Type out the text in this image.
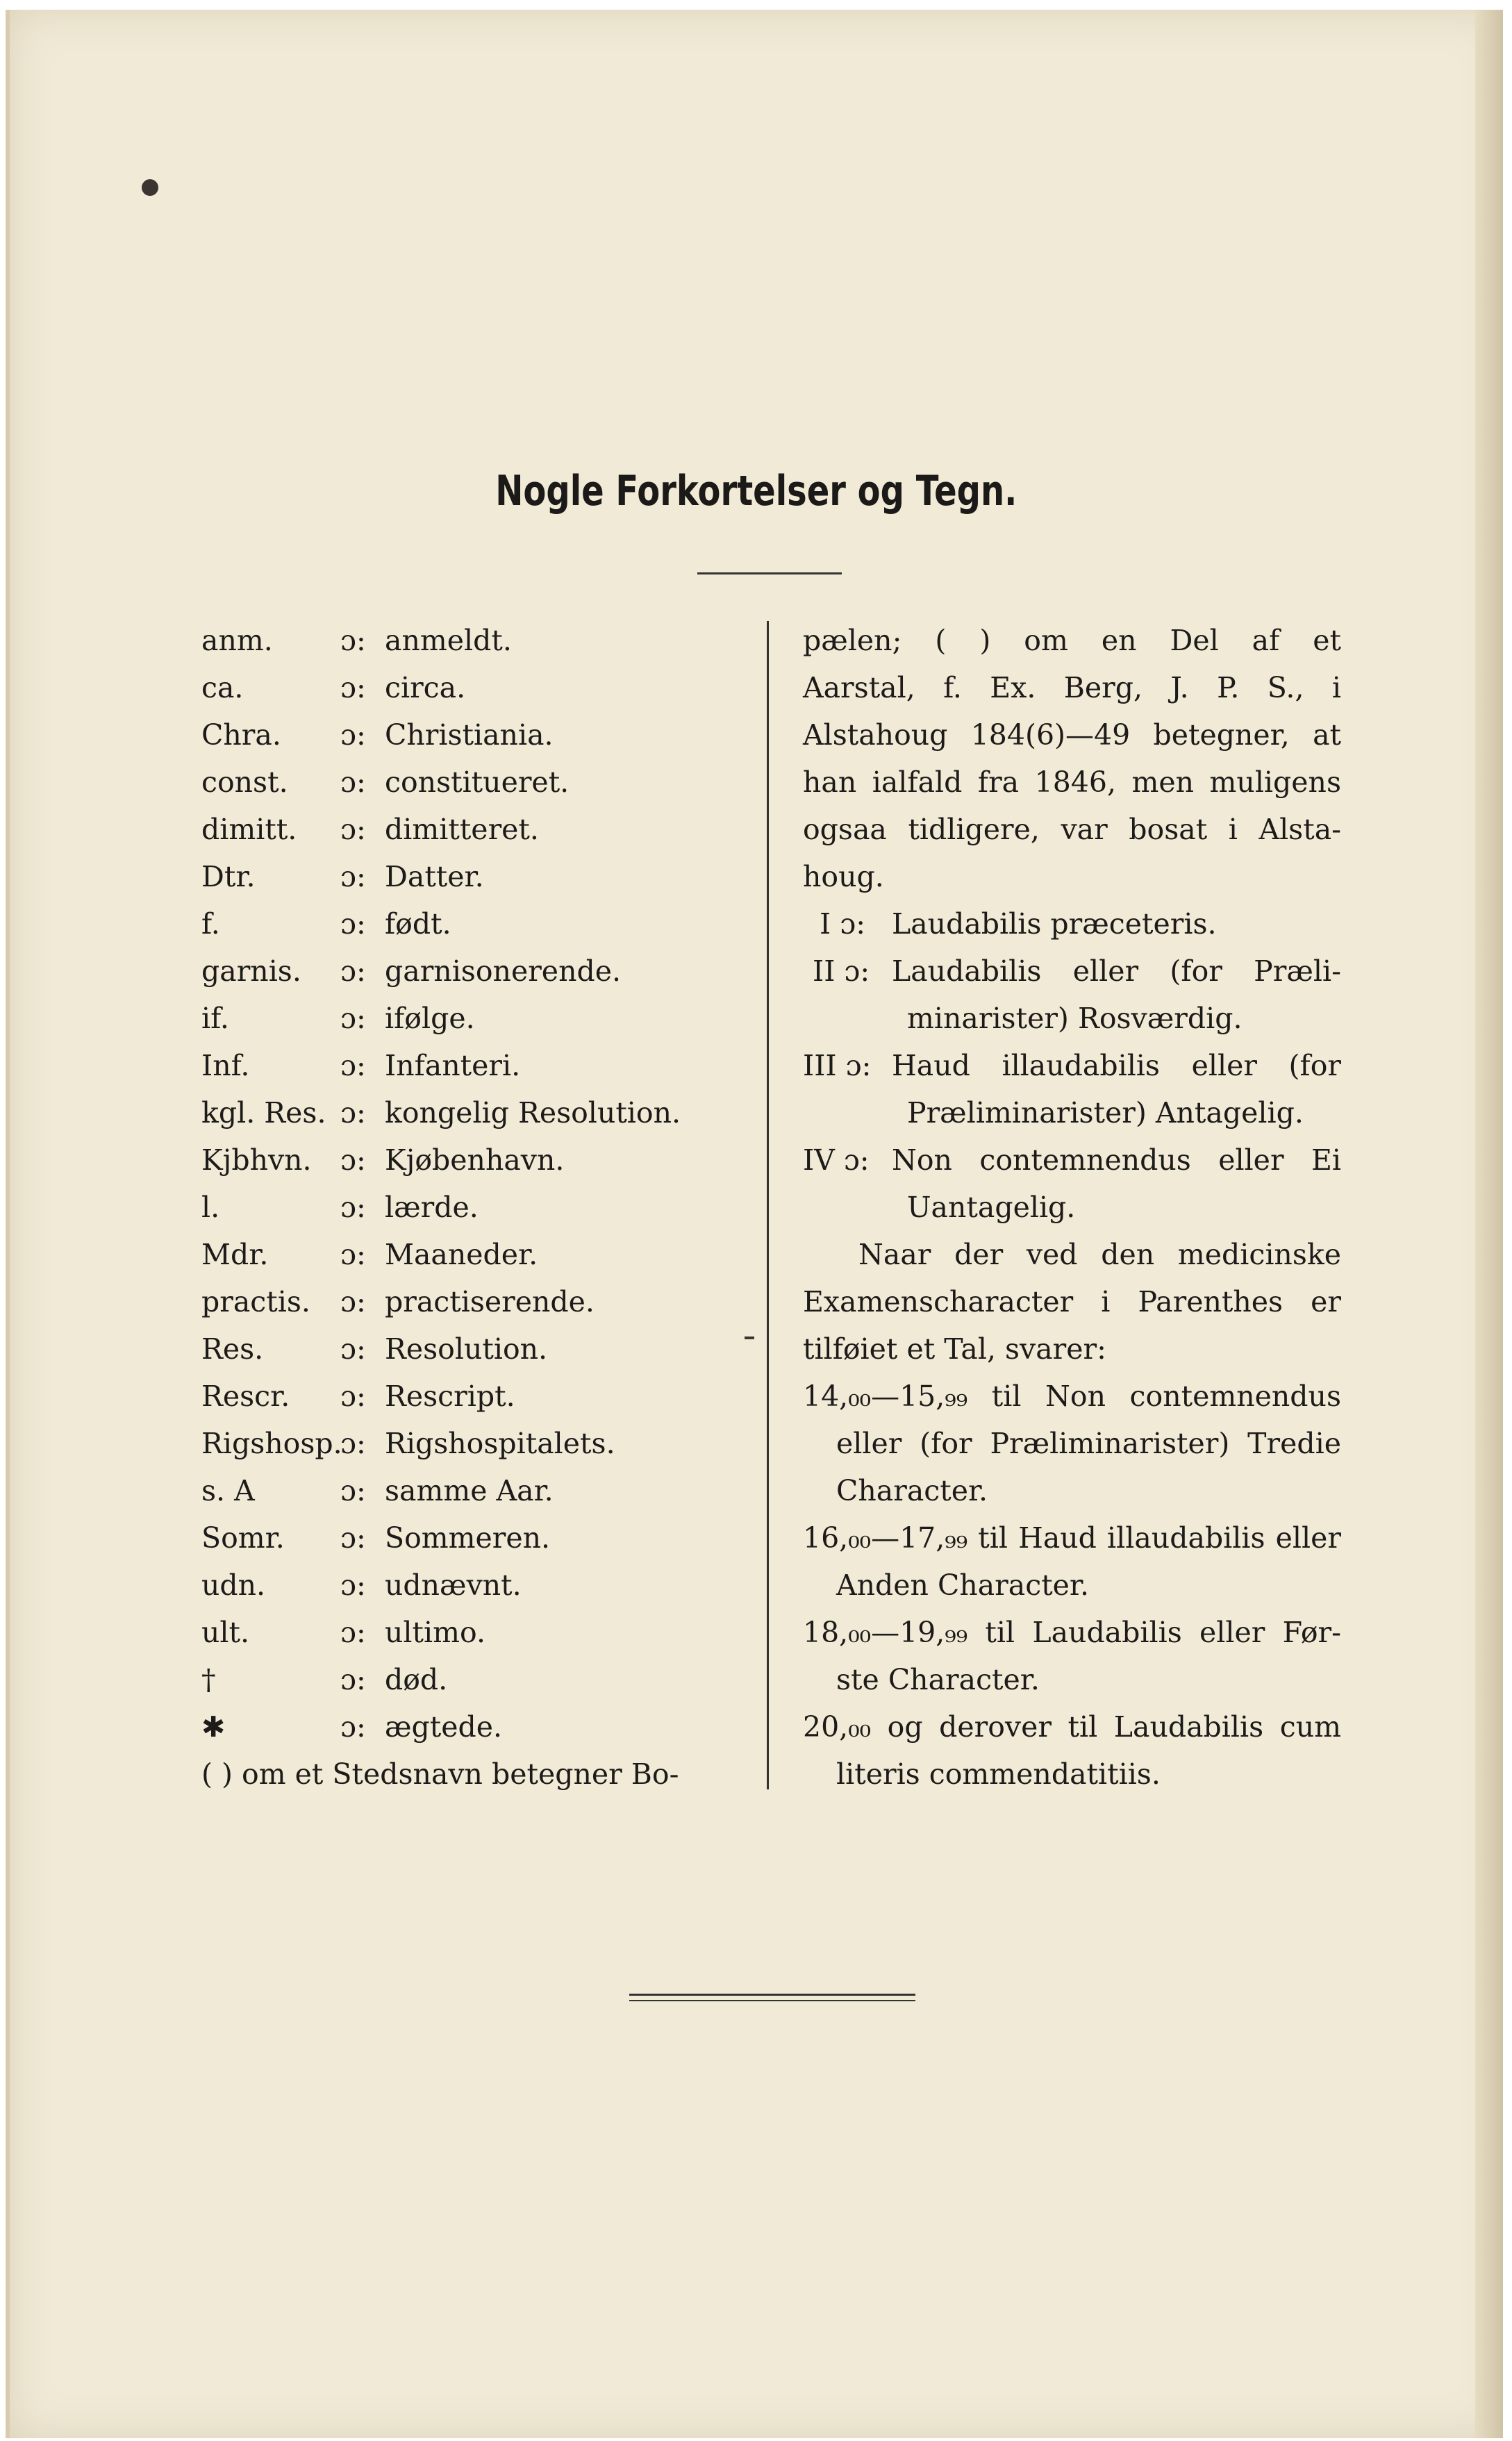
Nogle Forkortelser og Tegn.
anm. ɔ: anmeldt.
ca.	ɔ: circa.
Chra. ɔ: Christiania.
const. ɔ: constitueret.
dimitt. ɔ: dimitteret.
Dtr.	ɔ: Datter.
f.	ɔ: født.
garnis. ɔ: garnisonerende.
if.	ɔ: ifølge.
Inf.	ɔ: Infanteri.
kgl. Res. ɔ: kongelig Resolution.
Kjbhvn. ɔ: Kjøbenhavn.
l.	ɔ: lærde.
Mdr.	ɔ: Maaneder.
practis. ɔ: practiserende.
Res.	ɔ: Resolution.
Rescr. ɔ: Rescript.
Rigshosp.ɔ: Rigshospitalets.
s. A	ɔ: samme Aar.
Somr. ɔ: Sommeren.
udn.	ɔ: udnævnt.
ult.	ɔ: ultimo.
†	ɔ: død.
✱	ɔ: ægtede.
( ) om et Stedsnavn betegner Bo-
pælen; ( ) om en Del af et
Aarstal, f. Ex. Berg, J. P. S., i
Alstahoug 184(6)—49 betegner, at
han ialfald fra 1846, men muligens
ogsaa tidligere, var bosat i Alsta-
houg.
I ɔ: Laudabilis præceteris.
II ɔ: Laudabilis eller (for Præli-
minarister) Rosværdig.
III ɔ: Haud illaudabilis eller (for
Præliminarister) Antagelig.
IV ɔ: Non contemnendus eller Ei
Uantagelig.
Naar der ved den medicinske
Examenscharacter i Parenthes er
tilføiet et Tal, svarer:
14,₀₀—15,₉₉ til Non contemnendus
eller (for Præliminarister) Tredie
Character.
16,₀₀—17,₉₉ til Haud illaudabilis eller
Anden Character.
18,₀₀—19,₉₉ til Laudabilis eller Før-
ste Character.
20,₀₀ og derover til Laudabilis cum
literis commendatitiis.
